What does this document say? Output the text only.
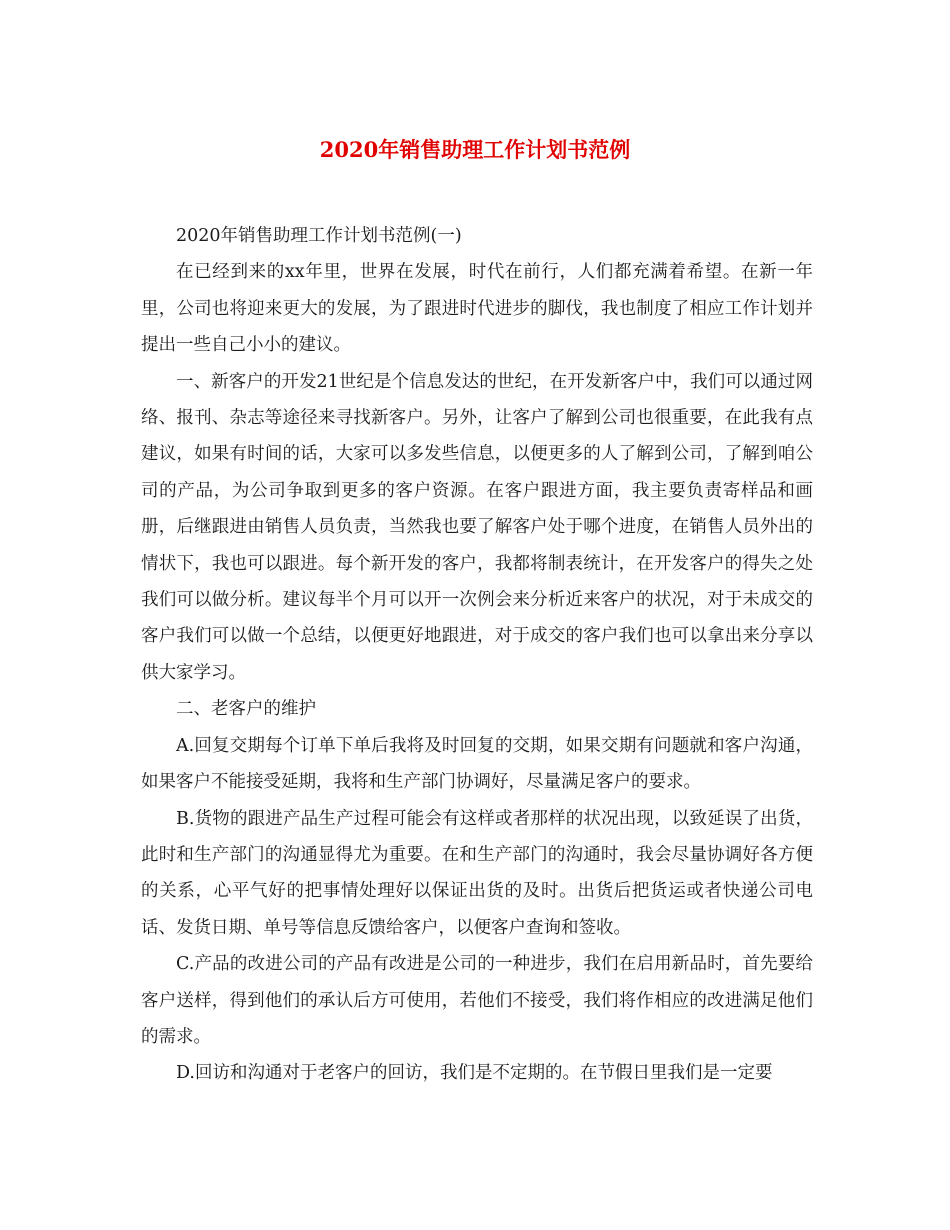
2020年销售助理工作计划书范例

2020年销售助理工作计划书范例(一)

在已经到来的xx年里，世界在发展，时代在前行，人们都充满着希望。在新一年里，公司也将迎来更大的发展，为了跟进时代进步的脚伐，我也制度了相应工作计划并提出一些自己小小的建议。

一、新客户的开发21世纪是个信息发达的世纪，在开发新客户中，我们可以通过网络、报刊、杂志等途径来寻找新客户。另外，让客户了解到公司也很重要，在此我有点建议，如果有时间的话，大家可以多发些信息，以便更多的人了解到公司，了解到咱公司的产品，为公司争取到更多的客户资源。在客户跟进方面，我主要负责寄样品和画册，后继跟进由销售人员负责，当然我也要了解客户处于哪个进度，在销售人员外出的情状下，我也可以跟进。每个新开发的客户，我都将制表统计，在开发客户的得失之处我们可以做分析。建议每半个月可以开一次例会来分析近来客户的状况，对于未成交的客户我们可以做一个总结，以便更好地跟进，对于成交的客户我们也可以拿出来分享以供大家学习。

二、老客户的维护

A.回复交期每个订单下单后我将及时回复的交期，如果交期有问题就和客户沟通，如果客户不能接受延期，我将和生产部门协调好，尽量满足客户的要求。

B.货物的跟进产品生产过程可能会有这样或者那样的状况出现，以致延误了出货，此时和生产部门的沟通显得尤为重要。在和生产部门的沟通时，我会尽量协调好各方便的关系，心平气好的把事情处理好以保证出货的及时。出货后把货运或者快递公司电话、发货日期、单号等信息反馈给客户，以便客户查询和签收。

C.产品的改进公司的产品有改进是公司的一种进步，我们在启用新品时，首先要给客户送样，得到他们的承认后方可使用，若他们不接受，我们将作相应的改进满足他们的需求。

D.回访和沟通对于老客户的回访，我们是不定期的。在节假日里我们是一定要
